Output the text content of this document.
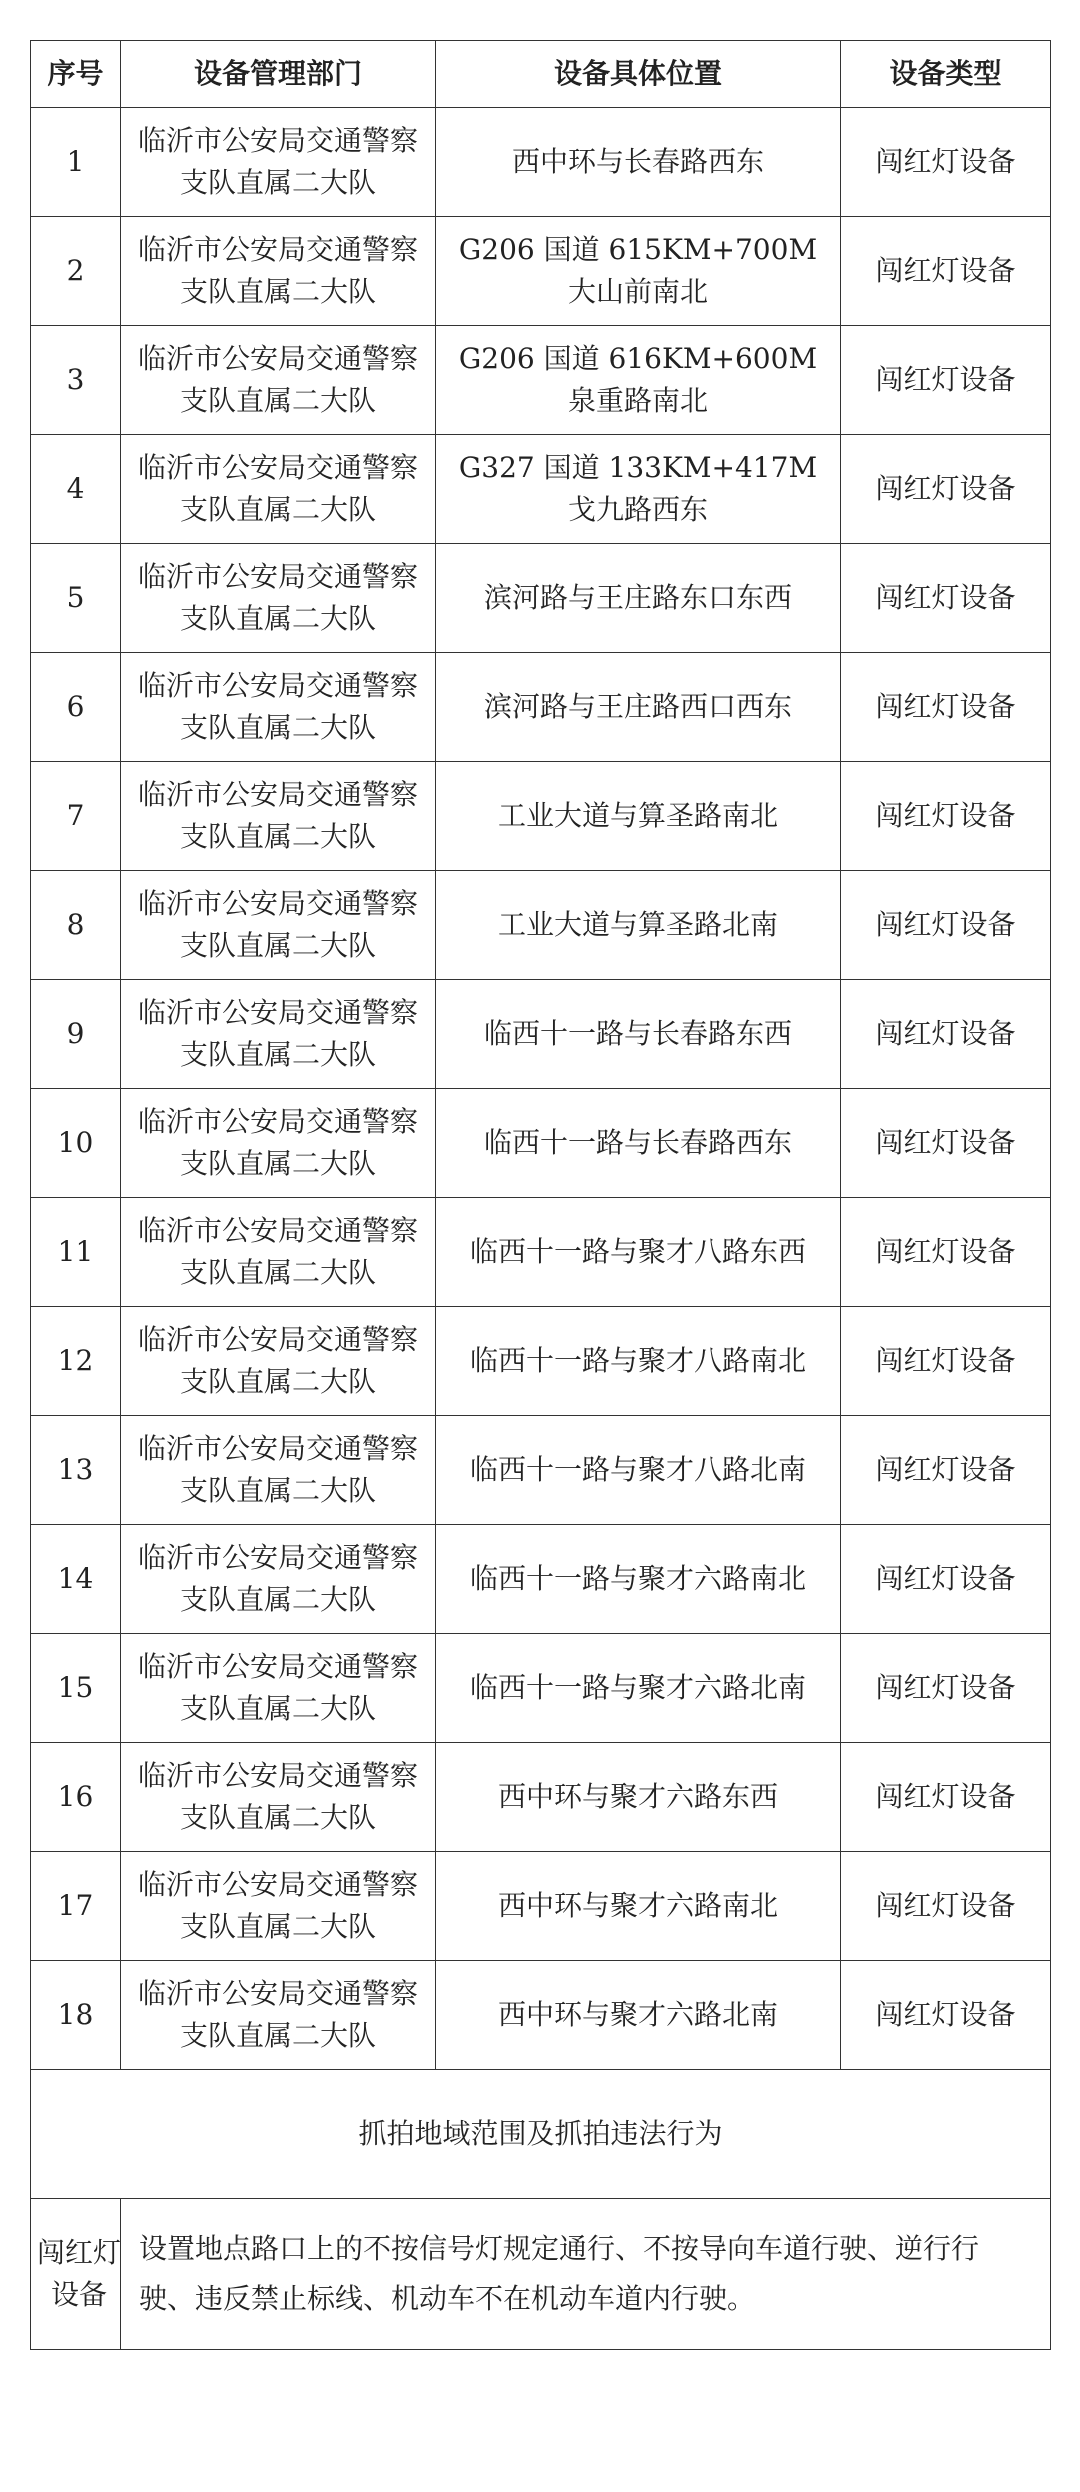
序号	设备管理部门	设备具体位置	设备类型
1	临沂市公安局交通警察支队直属二大队	西中环与长春路西东	闯红灯设备
2	临沂市公安局交通警察支队直属二大队	G206 国道 615KM+700M 大山前南北	闯红灯设备
3	临沂市公安局交通警察支队直属二大队	G206 国道 616KM+600M 泉重路南北	闯红灯设备
4	临沂市公安局交通警察支队直属二大队	G327 国道 133KM+417M 戈九路西东	闯红灯设备
5	临沂市公安局交通警察支队直属二大队	滨河路与王庄路东口东西	闯红灯设备
6	临沂市公安局交通警察支队直属二大队	滨河路与王庄路西口西东	闯红灯设备
7	临沂市公安局交通警察支队直属二大队	工业大道与算圣路南北	闯红灯设备
8	临沂市公安局交通警察支队直属二大队	工业大道与算圣路北南	闯红灯设备
9	临沂市公安局交通警察支队直属二大队	临西十一路与长春路东西	闯红灯设备
10	临沂市公安局交通警察支队直属二大队	临西十一路与长春路西东	闯红灯设备
11	临沂市公安局交通警察支队直属二大队	临西十一路与聚才八路东西	闯红灯设备
12	临沂市公安局交通警察支队直属二大队	临西十一路与聚才八路南北	闯红灯设备
13	临沂市公安局交通警察支队直属二大队	临西十一路与聚才八路北南	闯红灯设备
14	临沂市公安局交通警察支队直属二大队	临西十一路与聚才六路南北	闯红灯设备
15	临沂市公安局交通警察支队直属二大队	临西十一路与聚才六路北南	闯红灯设备
16	临沂市公安局交通警察支队直属二大队	西中环与聚才六路东西	闯红灯设备
17	临沂市公安局交通警察支队直属二大队	西中环与聚才六路南北	闯红灯设备
18	临沂市公安局交通警察支队直属二大队	西中环与聚才六路北南	闯红灯设备
抓拍地域范围及抓拍违法行为			

闯红灯设备	设置地点路口上的不按信号灯规定通行、不按导向车道行驶、逆行行驶、违反禁止标线、机动车不在机动车道内行驶。		
